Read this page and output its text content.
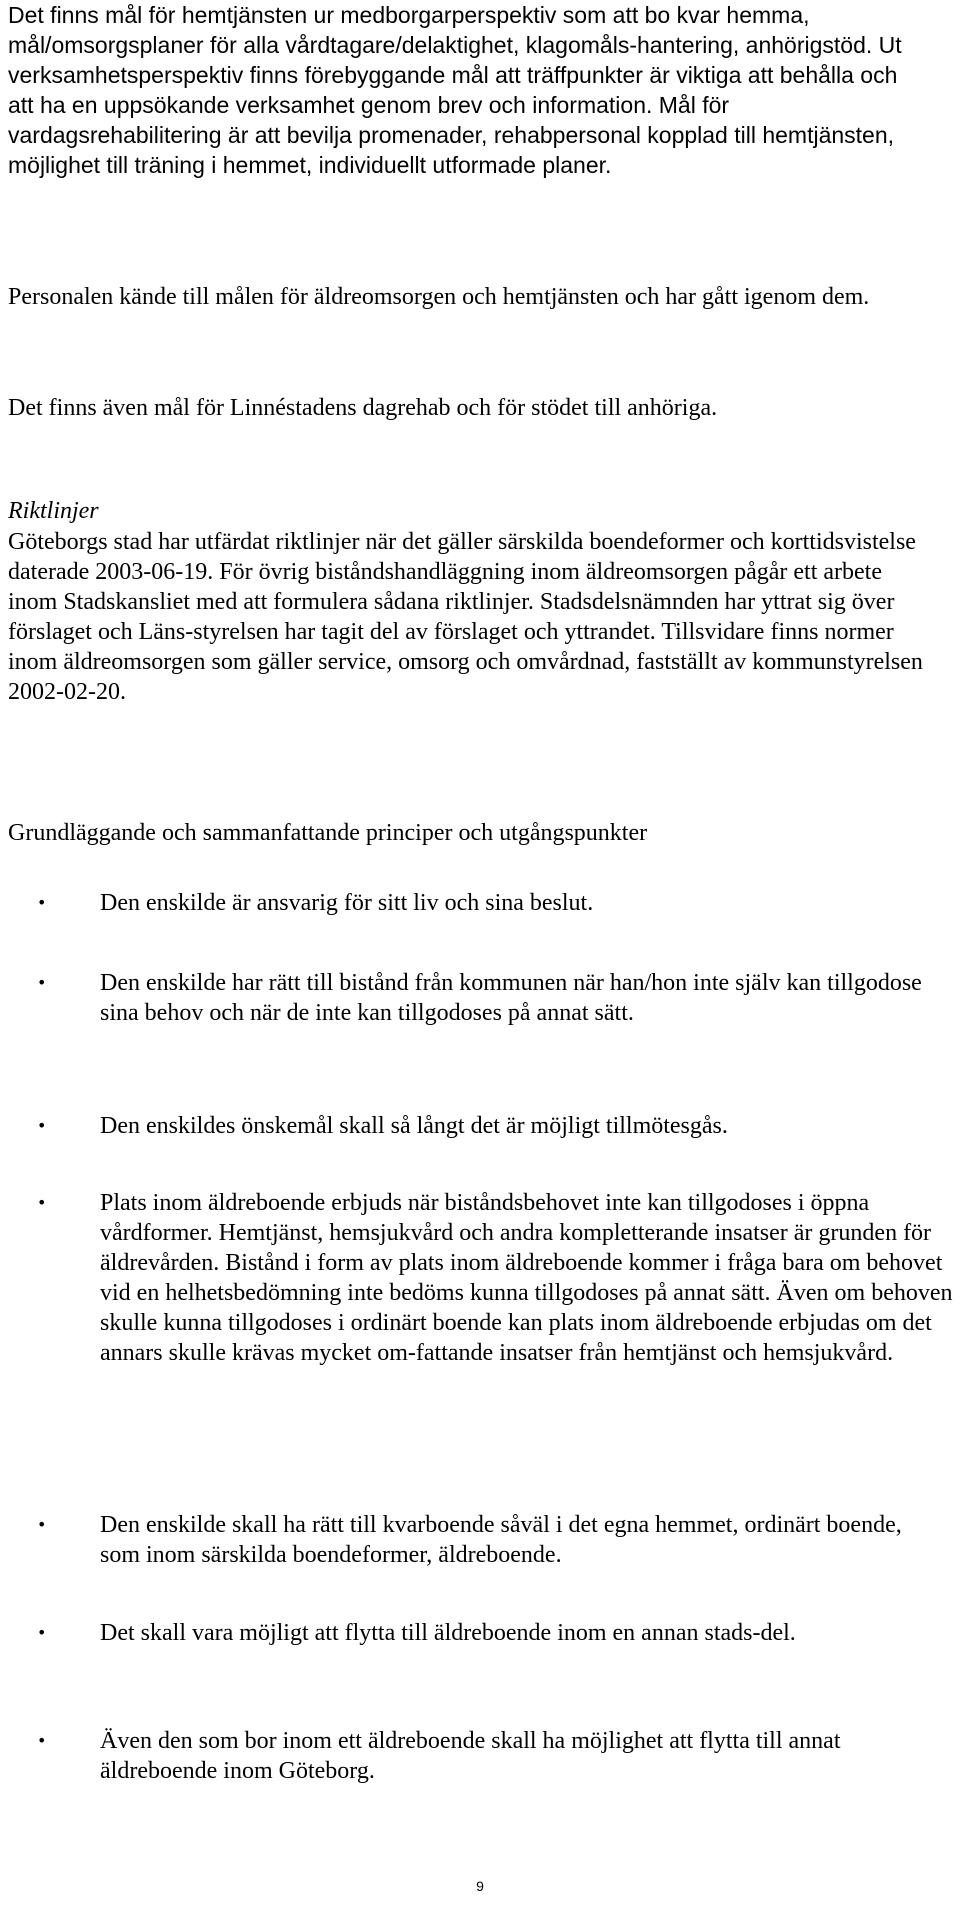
Det finns mål för hemtjänsten ur medborgarperspektiv som att bo kvar hemma, mål/omsorgsplaner för alla vårdtagare/delaktighet, klagomåls-hantering, anhörigstöd. Ut verksamhetsperspektiv finns förebyggande mål att träffpunkter är viktiga att behålla och att ha en uppsökande verksamhet genom brev och information. Mål för vardagsrehabilitering är att bevilja promenader, rehabpersonal kopplad till hemtjänsten, möjlighet till träning i hemmet, individuellt utformade planer.

Personalen kände till målen för äldreomsorgen och hemtjänsten och har gått igenom dem.

Det finns även mål för Linnéstadens dagrehab och för stödet till anhöriga.

Riktlinjer

Göteborgs stad har utfärdat riktlinjer när det gäller särskilda boendeformer och korttidsvistelse daterade 2003-06-19. För övrig biståndshandläggning inom äldreomsorgen pågår ett arbete inom Stadskansliet med att formulera sådana riktlinjer. Stadsdelsnämnden har yttrat sig över förslaget och Läns-styrelsen har tagit del av förslaget och yttrandet. Tillsvidare finns normer inom äldreomsorgen som gäller service, omsorg och omvårdnad, fastställt av kommunstyrelsen 2002-02-20.

Grundläggande och sammanfattande principer och utgångspunkter

• Den enskilde är ansvarig för sitt liv och sina beslut.
• Den enskilde har rätt till bistånd från kommunen när han/hon inte själv kan tillgodose sina behov och när de inte kan tillgodoses på annat sätt.
• Den enskildes önskemål skall så långt det är möjligt tillmötesgås.
• Plats inom äldreboende erbjuds när biståndsbehovet inte kan tillgodoses i öppna vårdformer. Hemtjänst, hemsjukvård och andra kompletterande insatser är grunden för äldrevården. Bistånd i form av plats inom äldreboende kommer i fråga bara om behovet vid en helhetsbedömning inte bedöms kunna tillgodoses på annat sätt. Även om behoven skulle kunna tillgodoses i ordinärt boende kan plats inom äldreboende erbjudas om det annars skulle krävas mycket om-fattande insatser från hemtjänst och hemsjukvård.
• Den enskilde skall ha rätt till kvarboende såväl i det egna hemmet, ordinärt boende, som inom särskilda boendeformer, äldreboende.
• Det skall vara möjligt att flytta till äldreboende inom en annan stads-del.
• Även den som bor inom ett äldreboende skall ha möjlighet att flytta till annat äldreboende inom Göteborg.
9
